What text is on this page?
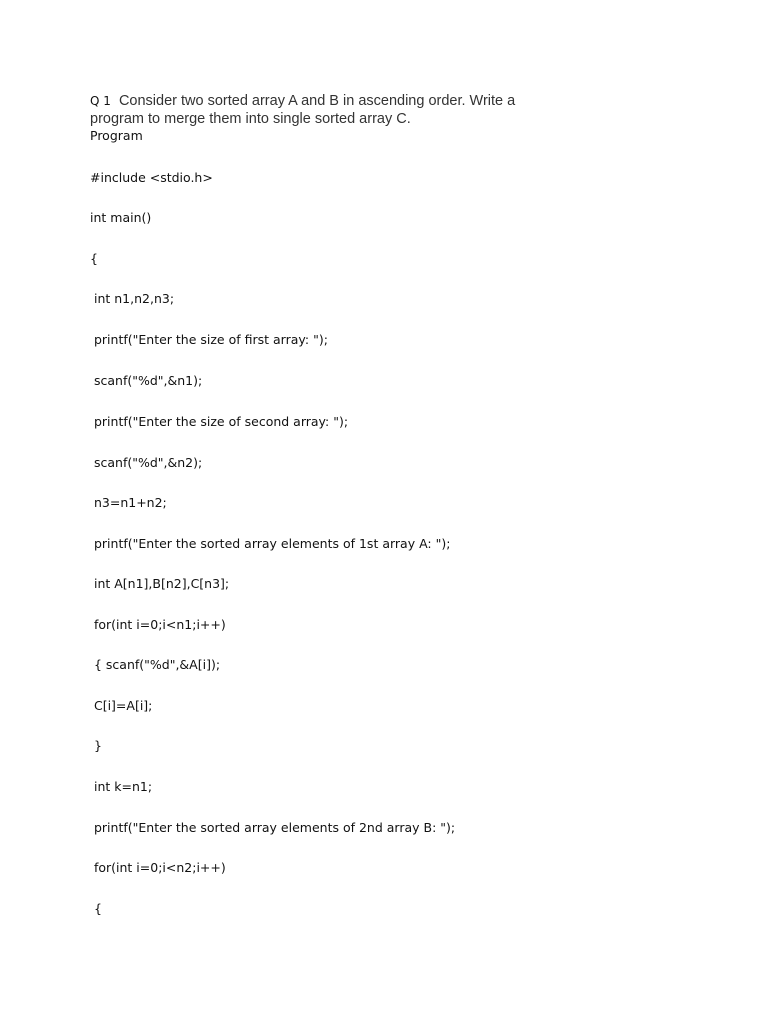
Q 1 Consider two sorted array A and B in ascending order. Write a program to merge them into single sorted array C.
Program
#include <stdio.h>
int main()
{
int n1,n2,n3;
printf("Enter the size of first array: ");
scanf("%d",&n1);
printf("Enter the size of second array: ");
scanf("%d",&n2);
n3=n1+n2;
printf("Enter the sorted array elements of 1st array A: ");
int A[n1],B[n2],C[n3];
for(int i=0;i<n1;i++)
{ scanf("%d",&A[i]);
C[i]=A[i];
}
int k=n1;
printf("Enter the sorted array elements of 2nd array B: ");
for(int i=0;i<n2;i++)
{
